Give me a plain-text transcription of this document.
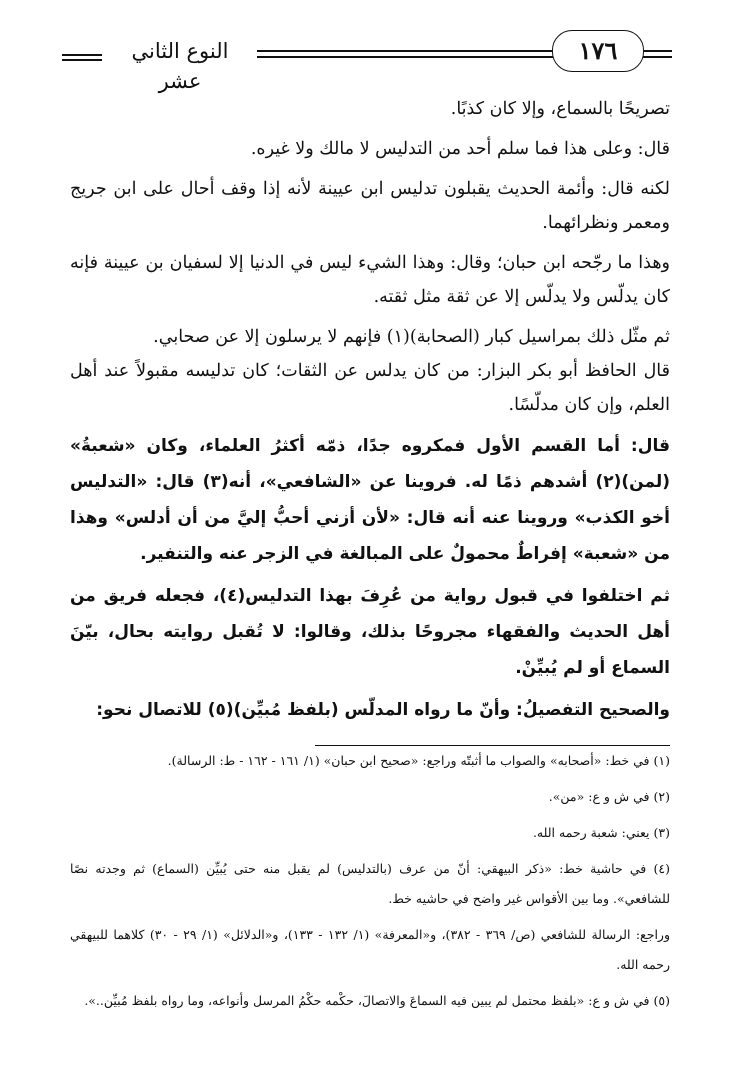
النوع الثاني عشر
١٧٦

تصريحًا بالسماع، وإلا كان كذبًا.

قال: وعلى هذا فما سلم أحد من التدليس لا مالك ولا غيره.

لكنه قال: وأئمة الحديث يقبلون تدليس ابن عيينة لأنه إذا وقف أحال على ابن جريج ومعمر ونظرائهما.

وهذا ما رجّحه ابن حبان؛ وقال: وهذا الشيء ليس في الدنيا إلا لسفيان بن عيينة فإنه كان يدلّس ولا يدلّس إلا عن ثقة مثل ثقته.

ثم مثّل ذلك بمراسيل كبار (الصحابة)(١) فإنهم لا يرسلون إلا عن صحابي.

قال الحافظ أبو بكر البزار: من كان يدلس عن الثقات؛ كان تدليسه مقبولاً عند أهل العلم، وإن كان مدلّسًا.

قال: أما القسم الأول فمكروه جدًا، ذمّه أكثرُ العلماء، وكان «شعبةُ» (لمن)(٢) أشدهم ذمًا له. فروينا عن «الشافعي»، أنه(٣) قال: «التدليس أخو الكذب» وروينا عنه أنه قال: «لأن أزني أحبُّ إليَّ من أن أدلس» وهذا من «شعبة» إفراطٌ محمولٌ على المبالغة في الزجر عنه والتنفير.

ثم اختلفوا في قبول رواية من عُرِفَ بهذا التدليس(٤)، فجعله فريق من أهل الحديث والفقهاء مجروحًا بذلك، وقالوا: لا تُقبل روايته بحال، بيّنَ السماع أو لم يُبيِّنْ.

والصحيح التفصيلُ: وأنّ ما رواه المدلّس (بلفظ مُبيِّن)(٥) للاتصال نحو:

(١) في خط: «أصحابه» والصواب ما أثبتّه وراجع: «صحيح ابن حبان» (١/ ١٦١ - ١٦٢ - ط: الرسالة).

(٢) في ش و ع: «من».

(٣) يعني: شعبة رحمه الله.

(٤) في حاشية خط: «ذكر البيهقي: أنّ من عرف (بالتدليس) لم يقبل منه حتى يُبيِّن (السماع) ثم وجدته نصًا للشافعي». وما بين الأقواس غير واضح في حاشيه خط.

وراجع: الرسالة للشافعي (ص/ ٣٦٩ - ٣٨٢)، و«المعرفة» (١/ ١٣٢ - ١٣٣)، و«الدلائل» (١/ ٢٩ - ٣٠) كلاهما للبيهقي رحمه الله.

(٥) في ش و ع: «بلفظ محتمل لم يبين فيه السماعَ والاتصالَ، حكْمه حكْمُ المرسل وأنواعه، وما رواه بلفظ مُبيِّن..».
